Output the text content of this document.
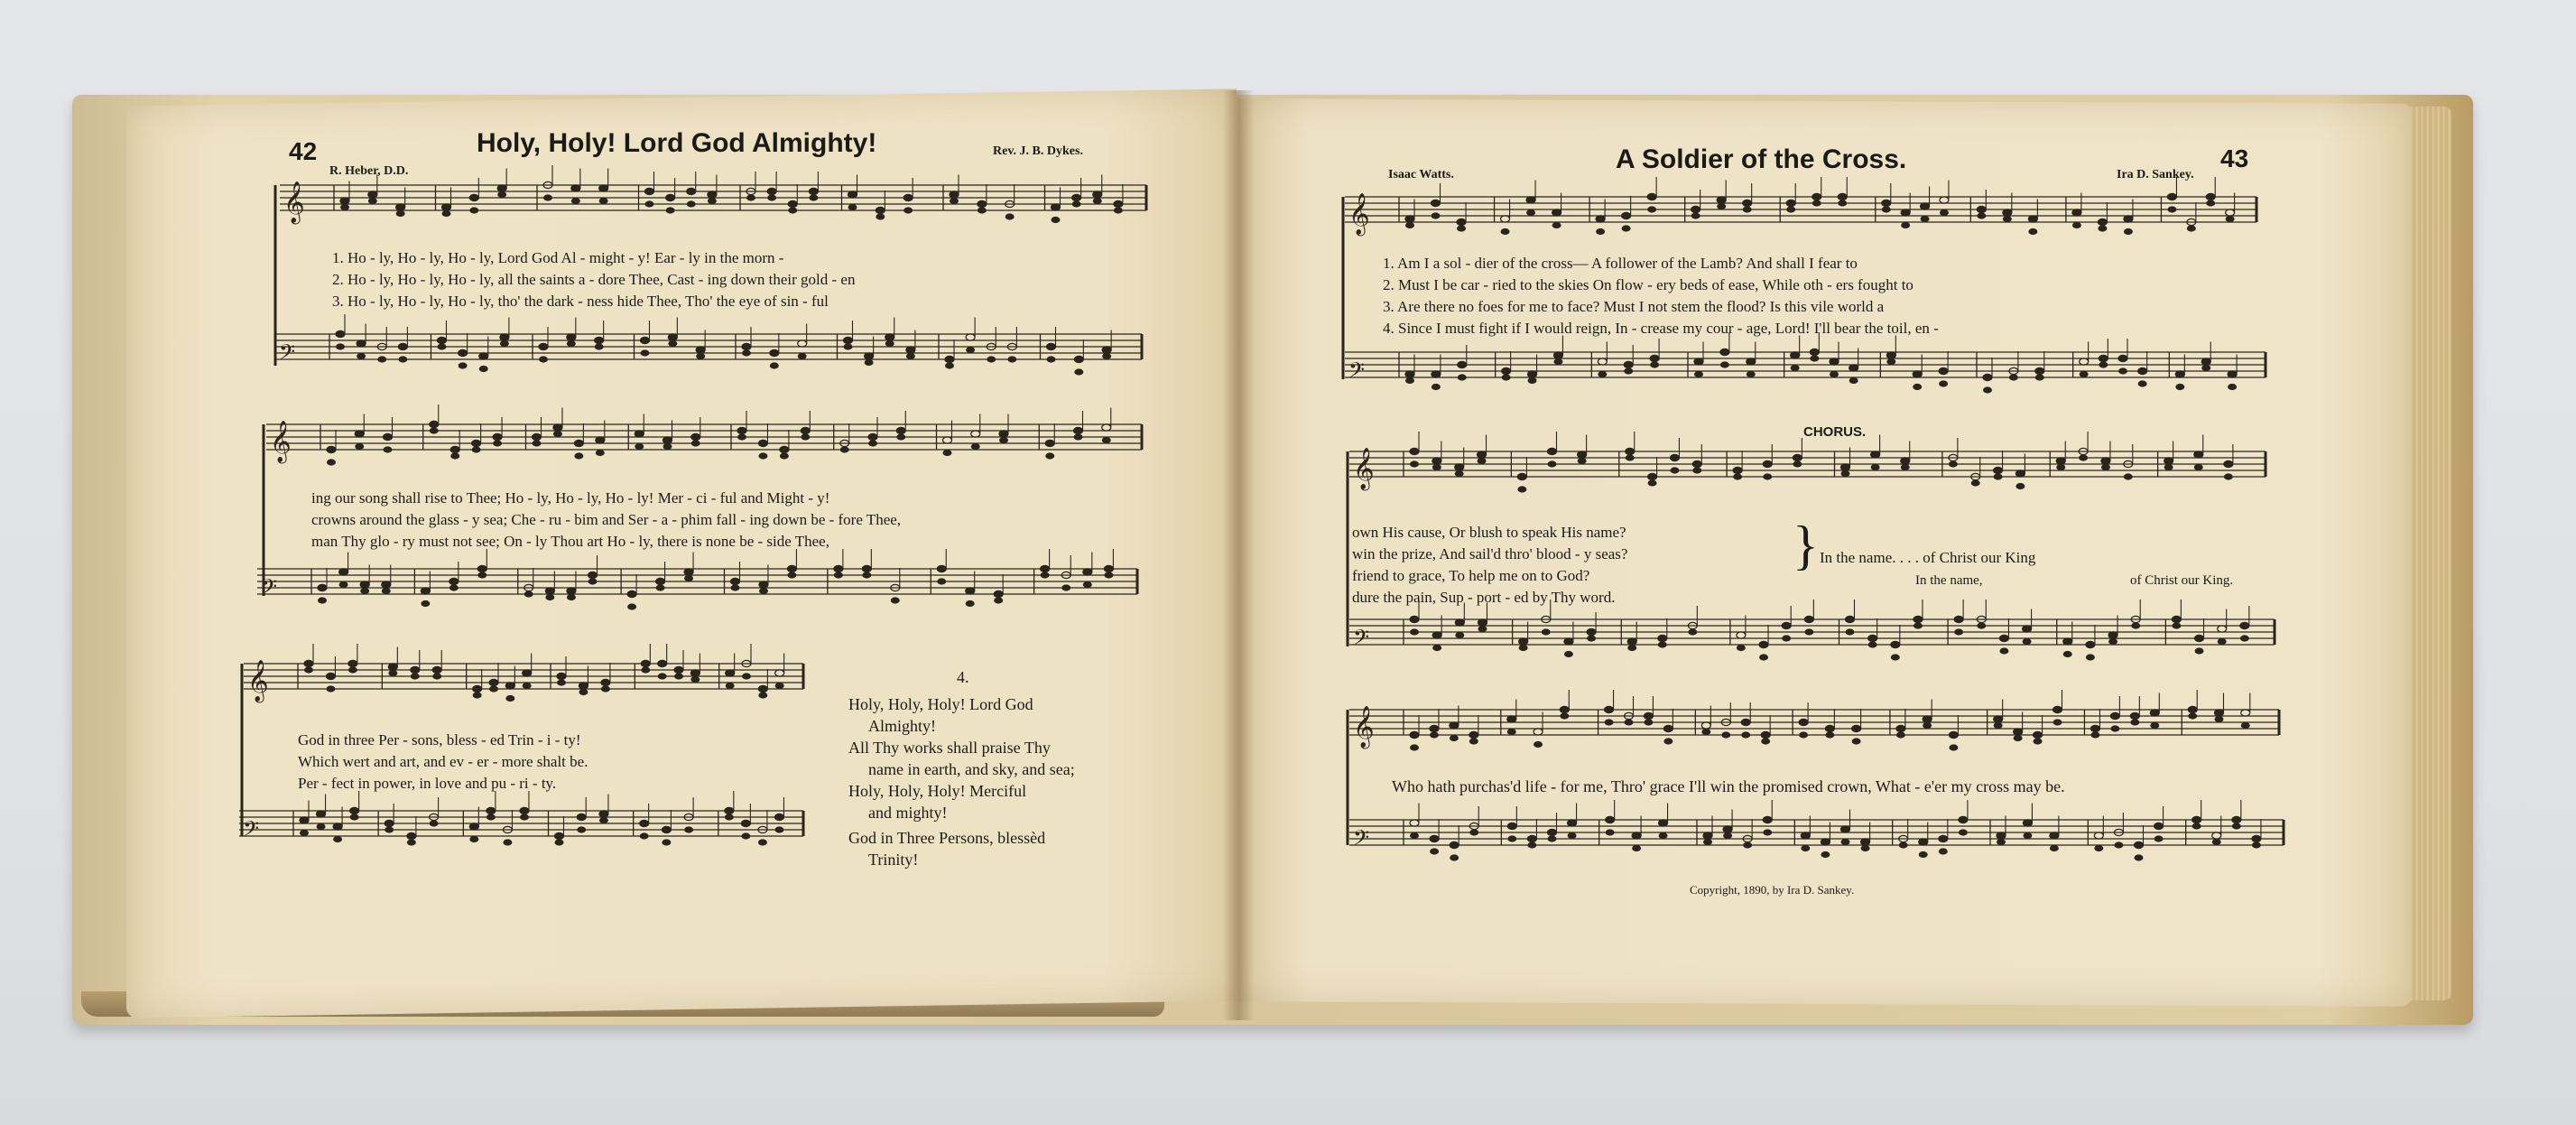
𝄞
𝄢
𝄞
𝄢
𝄞
𝄢
𝄞
𝄢
𝄞
𝄢
𝄞
𝄢
42	Holy, Holy! Lord God Almighty!
R. Heber, D.D.
Rev. J. B. Dykes.
1. Ho - ly, Ho - ly, Ho - ly, Lord God Al - might - y! Ear - ly in the morn -
2. Ho - ly, Ho - ly, Ho - ly, all the saints a - dore Thee, Cast - ing down their gold - en
3. Ho - ly, Ho - ly, Ho - ly, tho' the dark - ness hide Thee, Tho' the eye of sin - ful
ing our song shall rise to Thee; Ho - ly, Ho - ly, Ho - ly! Mer - ci - ful and Might - y!
crowns around the glass - y sea; Che - ru - bim and Ser - a - phim fall - ing down be - fore Thee,
man Thy glo - ry must not see; On - ly Thou art Ho - ly, there is none be - side Thee,
God in three Per - sons, bless - ed Trin - i - ty!
Which wert and art, and ev - er - more shalt be.
Per - fect in power, in love and pu - ri - ty.
4.
Holy, Holy, Holy! Lord God
Almighty!
All Thy works shall praise Thy
name in earth, and sky, and sea;
Holy, Holy, Holy! Merciful
and mighty!
God in Three Persons, blessèd
Trinity!
Isaac Watts.
A Soldier of the Cross.
Ira D. Sankey.
43
1. Am I a sol - dier of the cross— A follower of the Lamb? And shall I fear to
2. Must I be car - ried to the skies On flow - ery beds of ease, While oth - ers fought to
3. Are there no foes for me to face? Must I not stem the flood? Is this vile world a
4. Since I must fight if I would reign, In - crease my cour - age, Lord! I'll bear the toil, en -
CHORUS.
own His cause, Or blush to speak His name?
win the prize, And sail'd thro' blood - y seas?
friend to grace, To help me on to God?
dure the pain, Sup - port - ed by Thy word.
} In the name. . . . of Christ our King
In the name,	of Christ our King.
Who hath purchas'd life - for me, Thro' grace I'll win the promised crown, What - e'er my cross may be.
Copyright, 1890, by Ira D. Sankey.
